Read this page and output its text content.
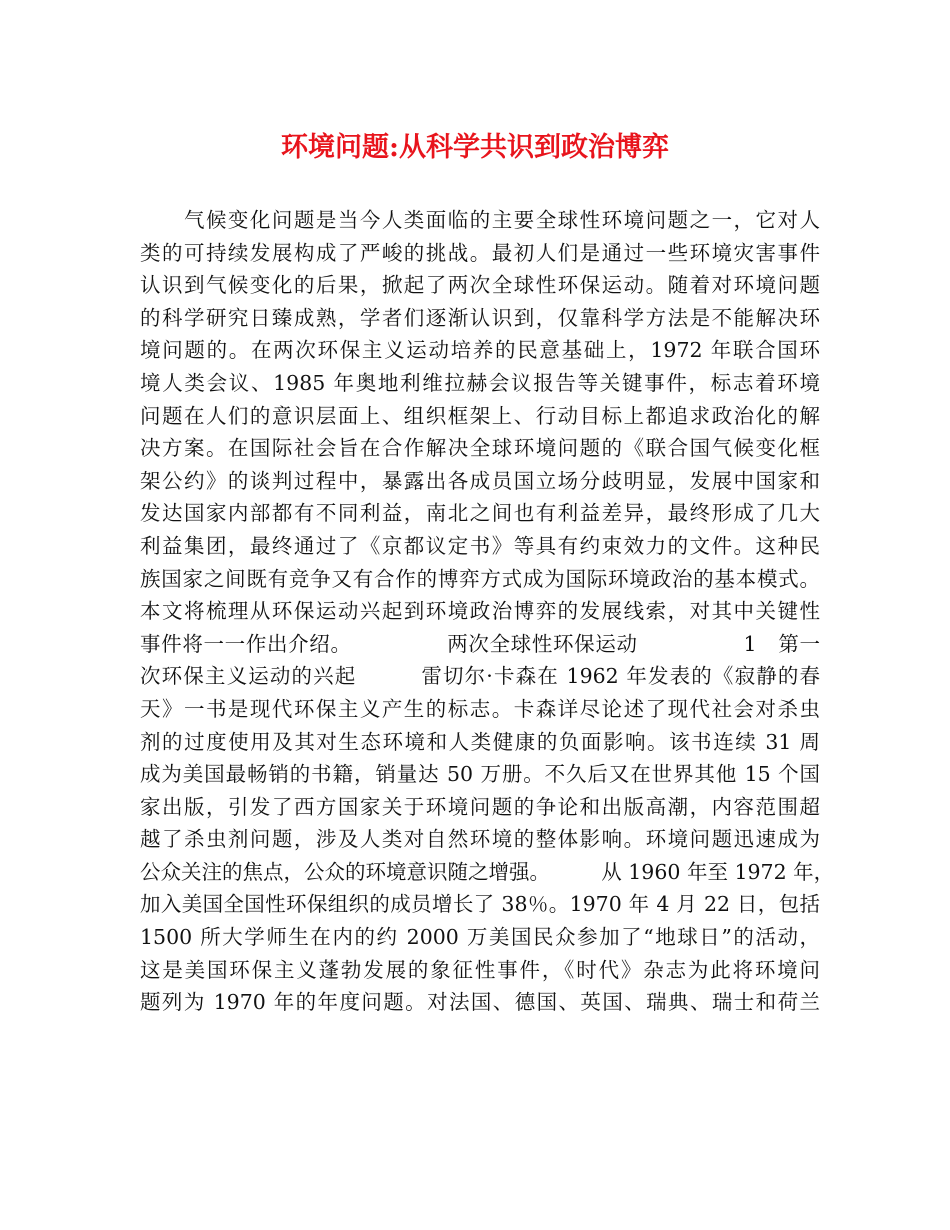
环境问题:从科学共识到政治博弈
　　气候变化问题是当今人类面临的主要全球性环境问题之一，它对人
类的可持续发展构成了严峻的挑战。最初人们是通过一些环境灾害事件
认识到气候变化的后果，掀起了两次全球性环保运动。随着对环境问题
的科学研究日臻成熟，学者们逐渐认识到，仅靠科学方法是不能解决环
境问题的。在两次环保主义运动培养的民意基础上，1972 年联合国环
境人类会议、1985 年奥地利维拉赫会议报告等关键事件，标志着环境
问题在人们的意识层面上、组织框架上、行动目标上都追求政治化的解
决方案。在国际社会旨在合作解决全球环境问题的《联合国气候变化框
架公约》的谈判过程中，暴露出各成员国立场分歧明显，发展中国家和
发达国家内部都有不同利益，南北之间也有利益差异，最终形成了几大
利益集团，最终通过了《京都议定书》等具有约束效力的文件。这种民
族国家之间既有竞争又有合作的博弈方式成为国际环境政治的基本模式。
本文将梳理从环保运动兴起到环境政治博弈的发展线索，对其中关键性
事件将一一作出介绍。　　　　　两次全球性环保运动　　　　　1　第一
次环保主义运动的兴起　　　雷切尔·卡森在 1962 年发表的《寂静的春
天》一书是现代环保主义产生的标志。卡森详尽论述了现代社会对杀虫
剂的过度使用及其对生态环境和人类健康的负面影响。该书连续 31 周
成为美国最畅销的书籍，销量达 50 万册。不久后又在世界其他 15 个国
家出版，引发了西方国家关于环境问题的争论和出版高潮，内容范围超
越了杀虫剂问题，涉及人类对自然环境的整体影响。环境问题迅速成为
公众关注的焦点，公众的环境意识随之增强。　　　从 1960 年至 1972 年，
加入美国全国性环保组织的成员增长了 38％。1970 年 4 月 22 日，包括
1500 所大学师生在内的约 2000 万美国民众参加了“地球日”的活动，
这是美国环保主义蓬勃发展的象征性事件，《时代》杂志为此将环境问
题列为 1970 年的年度问题。对法国、德国、英国、瑞典、瑞士和荷兰
